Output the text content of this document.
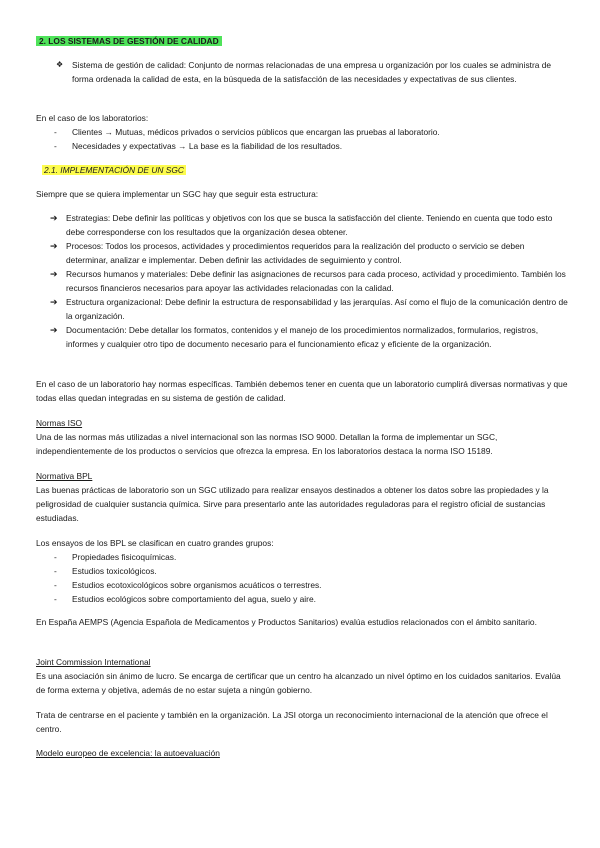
2. LOS SISTEMAS DE GESTIÓN DE CALIDAD
❖ Sistema de gestión de calidad: Conjunto de normas relacionadas de una empresa u organización por los cuales se administra de forma ordenada la calidad de esta, en la búsqueda de la satisfacción de las necesidades y expectativas de sus clientes.

En el caso de los laboratorios:

- Clientes → Mutuas, médicos privados o servicios públicos que encargan las pruebas al laboratorio.
- Necesidades y expectativas → La base es la fiabilidad de los resultados.
2.1. IMPLEMENTACIÓN DE UN SGC

Siempre que se quiera implementar un SGC hay que seguir esta estructura:

➔ Estrategias: Debe definir las políticas y objetivos con los que se busca la satisfacción del cliente. Teniendo en cuenta que todo esto debe corresponderse con los resultados que la organización desea obtener.
➔ Procesos: Todos los procesos, actividades y procedimientos requeridos para la realización del producto o servicio se deben determinar, analizar e implementar. Deben definir las actividades de seguimiento y control.
➔ Recursos humanos y materiales: Debe definir las asignaciones de recursos para cada proceso, actividad y procedimiento. También los recursos financieros necesarios para apoyar las actividades relacionadas con la calidad.
➔ Estructura organizacional: Debe definir la estructura de responsabilidad y las jerarquías. Así como el flujo de la comunicación dentro de la organización.
➔ Documentación: Debe detallar los formatos, contenidos y el manejo de los procedimientos normalizados, formularios, registros, informes y cualquier otro tipo de documento necesario para el funcionamiento eficaz y eficiente de la organización.

En el caso de un laboratorio hay normas específicas. También debemos tener en cuenta que un laboratorio cumplirá diversas normativas y que todas ellas quedan integradas en su sistema de gestión de calidad.

Normas ISO

Una de las normas más utilizadas a nivel internacional son las normas ISO 9000. Detallan la forma de implementar un SGC, independientemente de los productos o servicios que ofrezca la empresa. En los laboratorios destaca la norma ISO 15189.

Normativa BPL

Las buenas prácticas de laboratorio son un SGC utilizado para realizar ensayos destinados a obtener los datos sobre las propiedades y la peligrosidad de cualquier sustancia química. Sirve para presentarlo ante las autoridades reguladoras para el registro oficial de sustancias estudiadas.

Los ensayos de los BPL se clasifican en cuatro grandes grupos:

- Propiedades fisicoquímicas.
- Estudios toxicológicos.
- Estudios ecotoxicológicos sobre organismos acuáticos o terrestres.
- Estudios ecológicos sobre comportamiento del agua, suelo y aire.

En España AEMPS (Agencia Española de Medicamentos y Productos Sanitarios) evalúa estudios relacionados con el ámbito sanitario.

Joint Commission International

Es una asociación sin ánimo de lucro. Se encarga de certificar que un centro ha alcanzado un nivel óptimo en los cuidados sanitarios. Evalúa de forma externa y objetiva, además de no estar sujeta a ningún gobierno.

Trata de centrarse en el paciente y también en la organización. La JSI otorga un reconocimiento internacional de la atención que ofrece el centro.

Modelo europeo de excelencia: la autoevaluación
